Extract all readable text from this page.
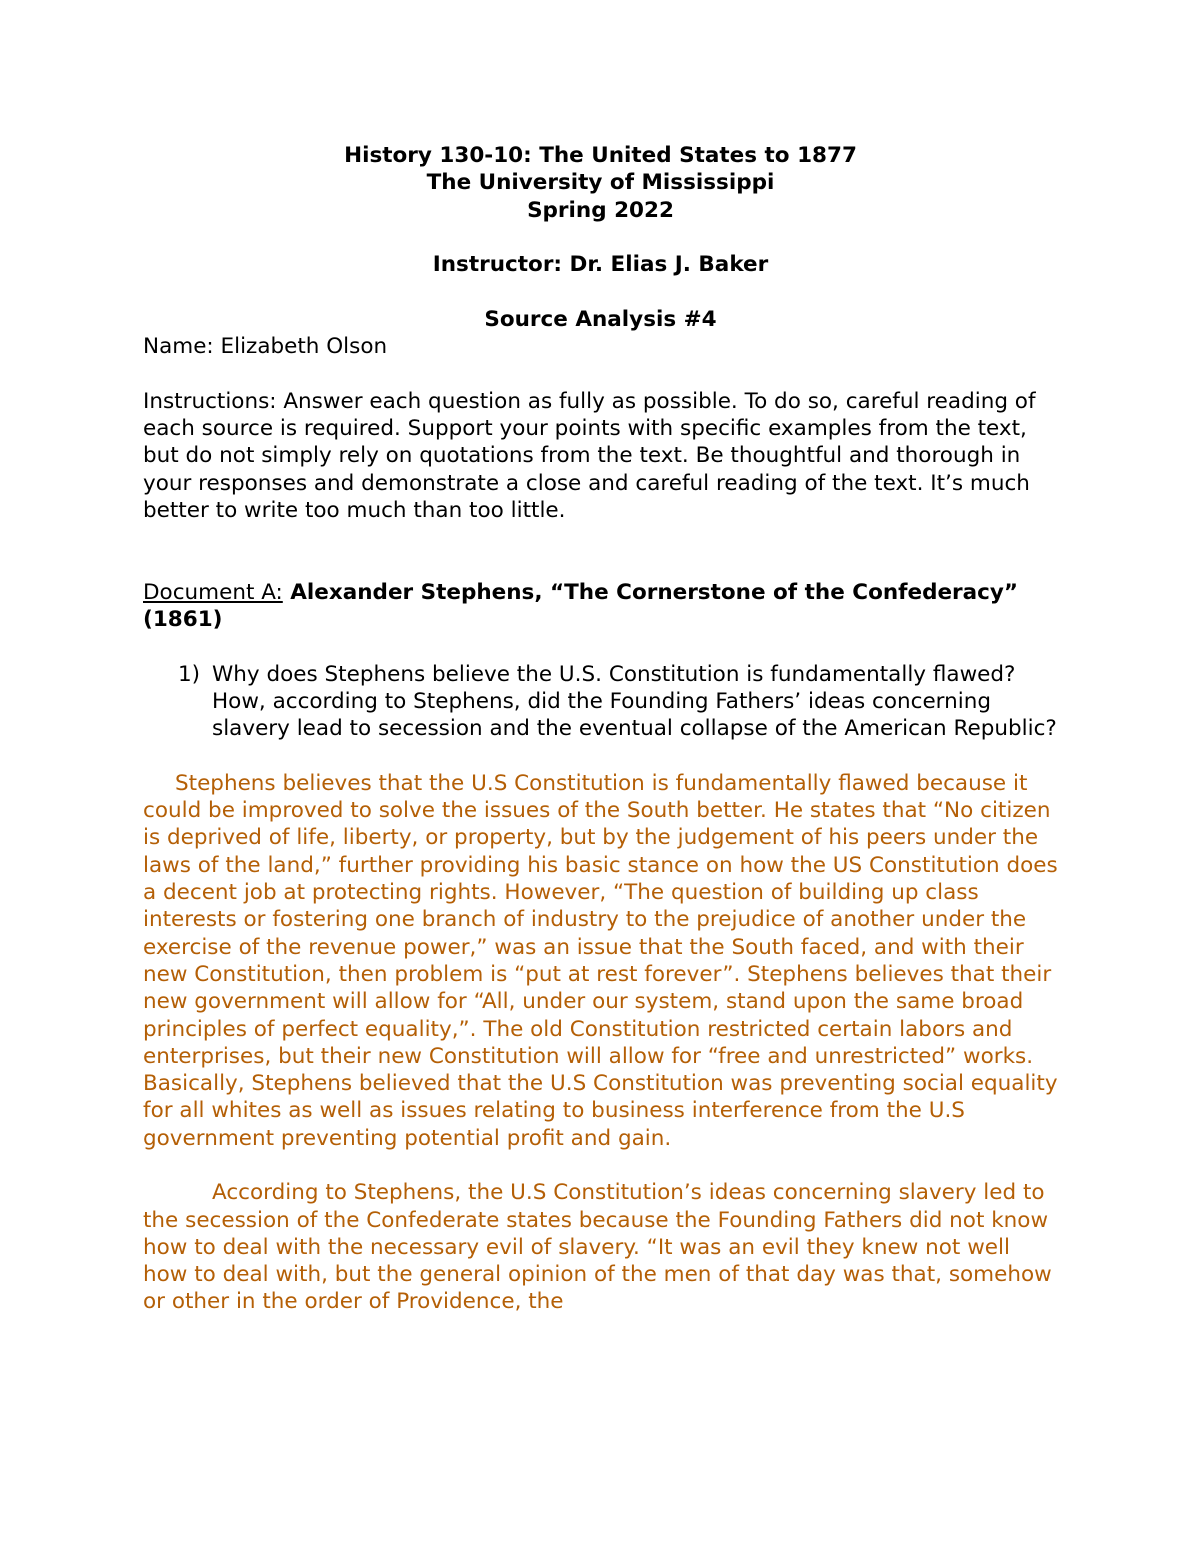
History 130-10: The United States to 1877

The University of Mississippi

Spring 2022

Instructor: Dr. Elias J. Baker

Source Analysis #4

Name: Elizabeth Olson

Instructions: Answer each question as fully as possible. To do so, careful reading of each source is required. Support your points with specific examples from the text, but do not simply rely on quotations from the text. Be thoughtful and thorough in your responses and demonstrate a close and careful reading of the text. It’s much better to write too much than too little.

Document A: Alexander Stephens, “The Cornerstone of the Confederacy” (1861)

1) Why does Stephens believe the U.S. Constitution is fundamentally flawed? How, according to Stephens, did the Founding Fathers’ ideas concerning slavery lead to secession and the eventual collapse of the American Republic?

Stephens believes that the U.S Constitution is fundamentally flawed because it could be improved to solve the issues of the South better. He states that “No citizen is deprived of life, liberty, or property, but by the judgement of his peers under the laws of the land,” further providing his basic stance on how the US Constitution does a decent job at protecting rights. However, “The question of building up class interests or fostering one branch of industry to the prejudice of another under the exercise of the revenue power,” was an issue that the South faced, and with their new Constitution, then problem is “put at rest forever”. Stephens believes that their new government will allow for “All, under our system, stand upon the same broad principles of perfect equality,”. The old Constitution restricted certain labors and enterprises, but their new Constitution will allow for “free and unrestricted” works. Basically, Stephens believed that the U.S Constitution was preventing social equality for all whites as well as issues relating to business interference from the U.S government preventing potential profit and gain.

According to Stephens, the U.S Constitution’s ideas concerning slavery led to the secession of the Confederate states because the Founding Fathers did not know how to deal with the necessary evil of slavery. “It was an evil they knew not well how to deal with, but the general opinion of the men of that day was that, somehow or other in the order of Providence, the
